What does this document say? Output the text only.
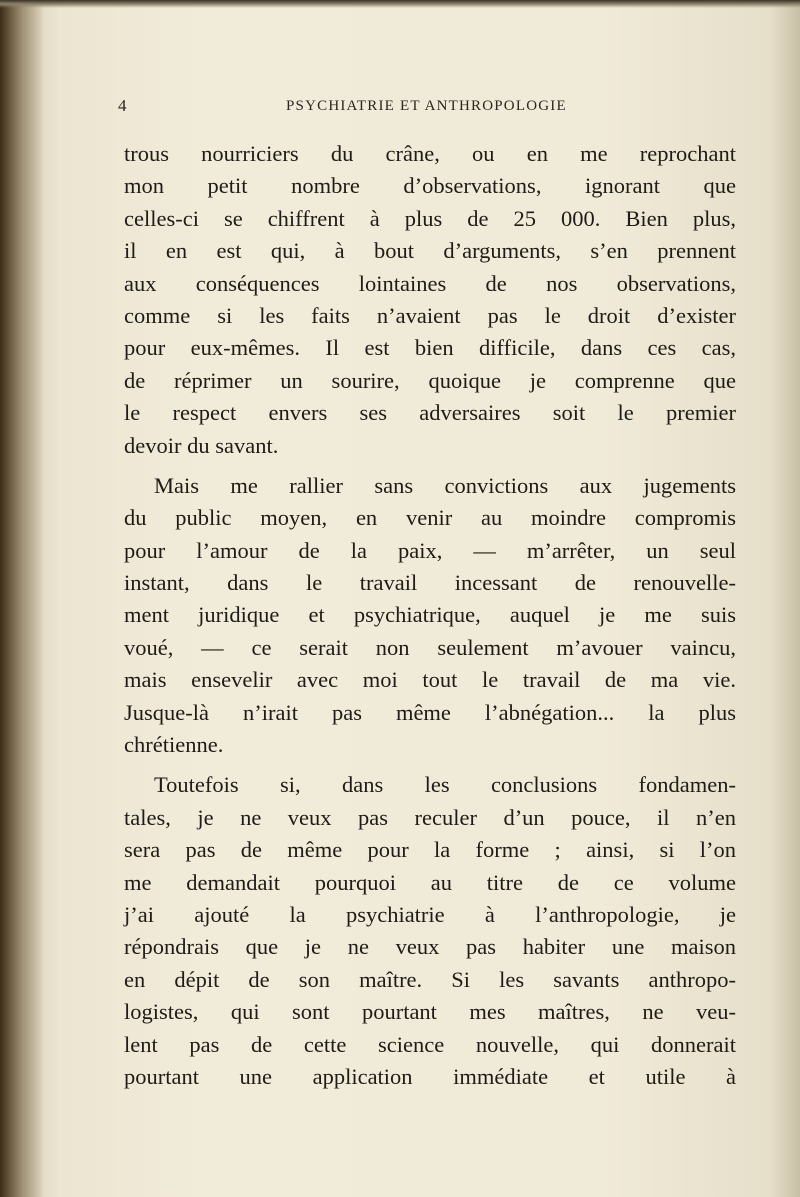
4	PSYCHIATRIE ET ANTHROPOLOGIE
trous nourriciers du crâne, ou en me reprochant
mon petit nombre d’observations, ignorant que
celles-ci se chiffrent à plus de 25 000. Bien plus,
il en est qui, à bout d’arguments, s’en prennent
aux conséquences lointaines de nos observations,
comme si les faits n’avaient pas le droit d’exister
pour eux-mêmes. Il est bien difficile, dans ces cas,
de réprimer un sourire, quoique je comprenne que
le respect envers ses adversaires soit le premier
devoir du savant.
Mais me rallier sans convictions aux jugements
du public moyen, en venir au moindre compromis
pour l’amour de la paix, — m’arrêter, un seul
instant, dans le travail incessant de renouvelle-
ment juridique et psychiatrique, auquel je me suis
voué, — ce serait non seulement m’avouer vaincu,
mais ensevelir avec moi tout le travail de ma vie.
Jusque-là n’irait pas même l’abnégation... la plus
chrétienne.
Toutefois si, dans les conclusions fondamen-
tales, je ne veux pas reculer d’un pouce, il n’en
sera pas de même pour la forme ; ainsi, si l’on
me demandait pourquoi au titre de ce volume
j’ai ajouté la psychiatrie à l’anthropologie, je
répondrais que je ne veux pas habiter une maison
en dépit de son maître. Si les savants anthropo-
logistes, qui sont pourtant mes maîtres, ne veu-
lent pas de cette science nouvelle, qui donnerait
pourtant une application immédiate et utile à
